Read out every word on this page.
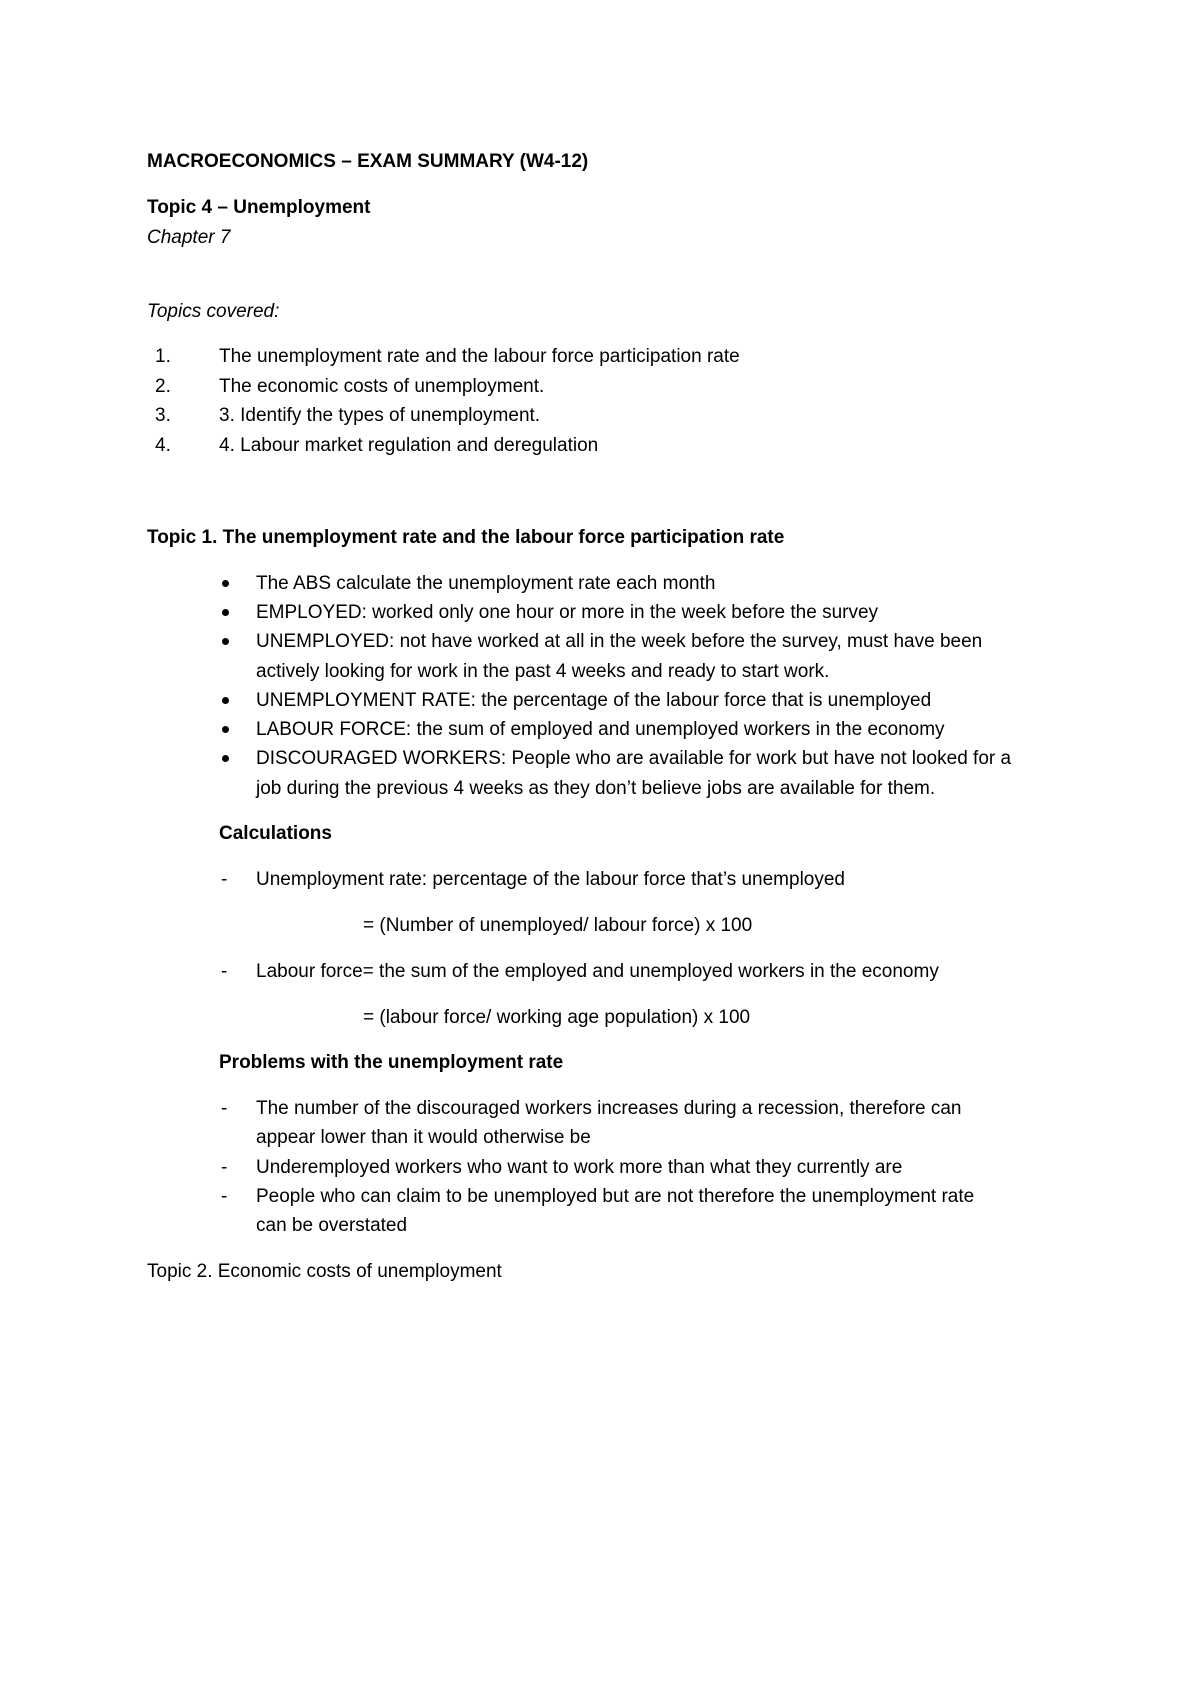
MACROECONOMICS – EXAM SUMMARY (W4-12)
Topic 4 – Unemployment
Chapter 7
Topics covered:
1.	The unemployment rate and the labour force participation rate
2.	The economic costs of unemployment.
3.	3. Identify the types of unemployment.
4.	4. Labour market regulation and deregulation
Topic 1. The unemployment rate and the labour force participation rate
The ABS calculate the unemployment rate each month
EMPLOYED: worked only one hour or more in the week before the survey
UNEMPLOYED: not have worked at all in the week before the survey, must have been
actively looking for work in the past 4 weeks and ready to start work.
UNEMPLOYMENT RATE: the percentage of the labour force that is unemployed
LABOUR FORCE: the sum of employed and unemployed workers in the economy
DISCOURAGED WORKERS: People who are available for work but have not looked for a
job during the previous 4 weeks as they don’t believe jobs are available for them.
Calculations
- Unemployment rate: percentage of the labour force that’s unemployed
= (Number of unemployed/ labour force) x 100
- Labour force= the sum of the employed and unemployed workers in the economy
= (labour force/ working age population) x 100
Problems with the unemployment rate
- The number of the discouraged workers increases during a recession, therefore can
appear lower than it would otherwise be
- Underemployed workers who want to work more than what they currently are
- People who can claim to be unemployed but are not therefore the unemployment rate
can be overstated
Topic 2. Economic costs of unemployment
